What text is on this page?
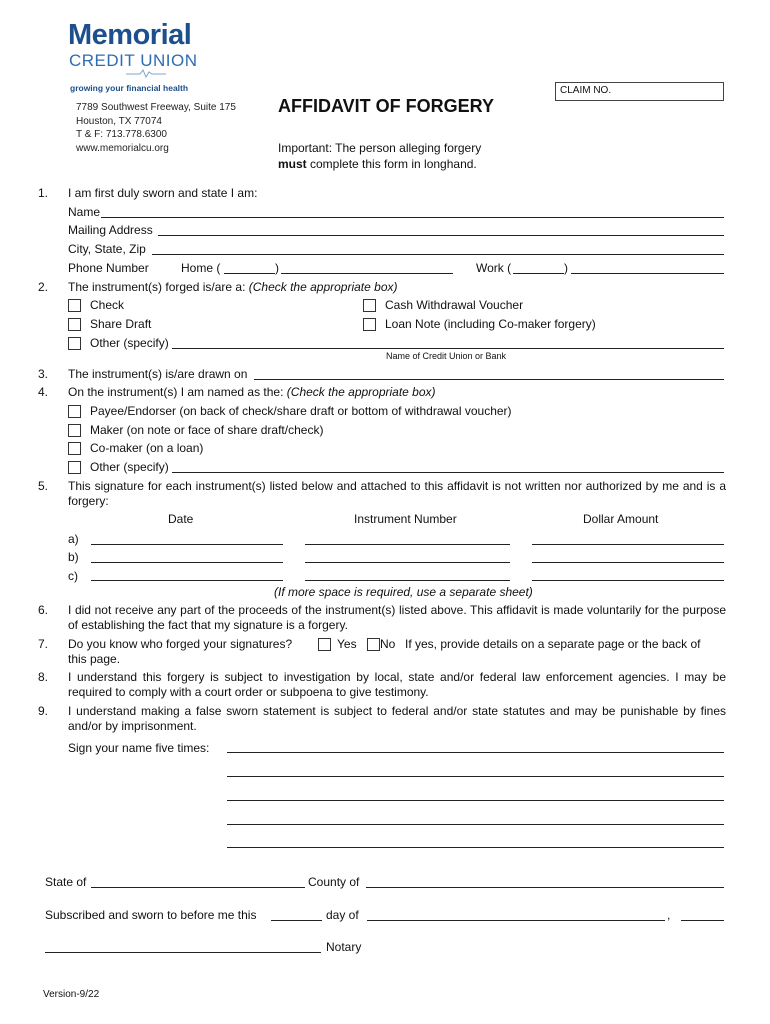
Memorial
CREDIT UNION
growing your financial health
7789 Southwest Freeway, Suite 175
Houston, TX 77074
T & F: 713.778.6300
www.memorialcu.org
AFFIDAVIT OF FORGERY
CLAIM NO.
Important: The person alleging forgery
must complete this form in longhand.
1. I am first duly sworn and state I am:
Name
Mailing Address
City, State, Zip
Phone Number	Home (	)	Work (	)
2. The instrument(s) forged is/are a: (Check the appropriate box)
Check	Cash Withdrawal Voucher
Share Draft	Loan Note (including Co-maker forgery)
Other (specify)
Name of Credit Union or Bank
3. The instrument(s) is/are drawn on
4. On the instrument(s) I am named as the: (Check the appropriate box)
Payee/Endorser (on back of check/share draft or bottom of withdrawal voucher)
Maker (on note or face of share draft/check)
Co-maker (on a loan)
Other (specify)
5. This signature for each instrument(s) listed below and attached to this affidavit is not written nor authorized by me and is a forgery:
Date	Instrument Number	Dollar Amount
a)
b)
c)
(If more space is required, use a separate sheet)
6. I did not receive any part of the proceeds of the instrument(s) listed above. This affidavit is made voluntarily for the purpose of establishing the fact that my signature is a forgery.
7. Do you know who forged your signatures?	Yes No If yes, provide details on a separate page or the back of
this page.
8. I understand this forgery is subject to investigation by local, state and/or federal law enforcement agencies. I may be required to comply with a court order or subpoena to give testimony.
9. I understand making a false sworn statement is subject to federal and/or state statutes and may be punishable by fines and/or by imprisonment.
Sign your name five times:
State of	County of
Subscribed and sworn to before me this	day of	,
Notary
Version-9/22
